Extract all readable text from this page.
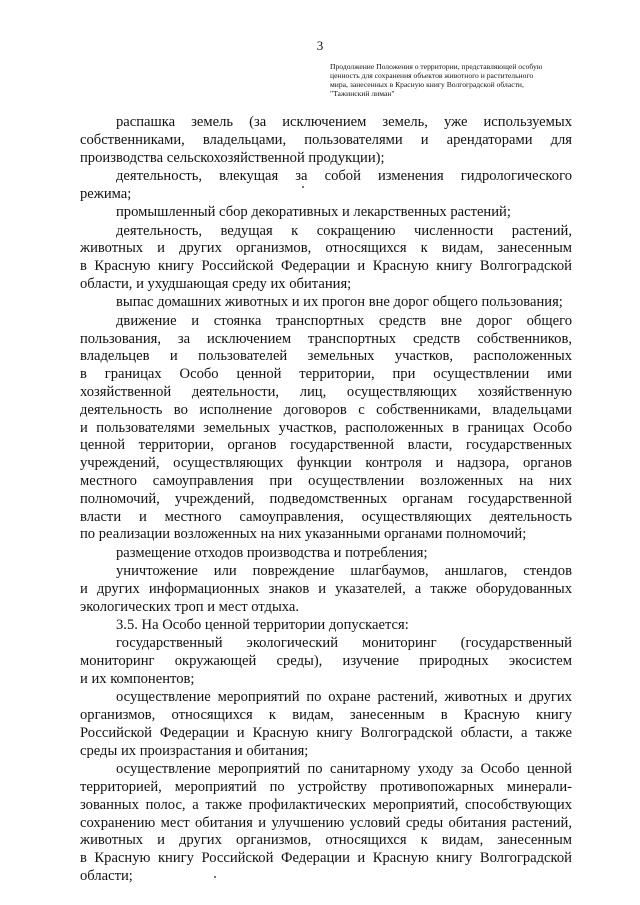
3
Продолжение Положения о территории, представляющей особую
ценность для сохранения объектов животного и растительного
мира, занесенных в Красную книгу Волгоградской области,
"Тажинский лиман"
распашка земель (за исключением земель, уже используемых
собственниками, владельцами, пользователями и арендаторами для
производства сельскохозяйственной продукции);
деятельность, влекущая за собой изменения гидрологического
режима;
промышленный сбор декоративных и лекарственных растений;
деятельность, ведущая к сокращению численности растений,
животных и других организмов, относящихся к видам, занесенным
в Красную книгу Российской Федерации и Красную книгу Волгоградской
области, и ухудшающая среду их обитания;
выпас домашних животных и их прогон вне дорог общего пользования;
движение и стоянка транспортных средств вне дорог общего
пользования, за исключением транспортных средств собственников,
владельцев и пользователей земельных участков, расположенных
в границах Особо ценной территории, при осуществлении ими
хозяйственной деятельности, лиц, осуществляющих хозяйственную
деятельность во исполнение договоров с собственниками, владельцами
и пользователями земельных участков, расположенных в границах Особо
ценной территории, органов государственной власти, государственных
учреждений, осуществляющих функции контроля и надзора, органов
местного самоуправления при осуществлении возложенных на них
полномочий, учреждений, подведомственных органам государственной
власти и местного самоуправления, осуществляющих деятельность
по реализации возложенных на них указанными органами полномочий;
размещение отходов производства и потребления;
уничтожение или повреждение шлагбаумов, аншлагов, стендов
и других информационных знаков и указателей, а также оборудованных
экологических троп и мест отдыха.
3.5. На Особо ценной территории допускается:
государственный экологический мониторинг (государственный
мониторинг окружающей среды), изучение природных экосистем
и их компонентов;
осуществление мероприятий по охране растений, животных и других
организмов, относящихся к видам, занесенным в Красную книгу
Российской Федерации и Красную книгу Волгоградской области, а также
среды их произрастания и обитания;
осуществление мероприятий по санитарному уходу за Особо ценной
территорией, мероприятий по устройству противопожарных минерали-
зованных полос, а также профилактических мероприятий, способствующих
сохранению мест обитания и улучшению условий среды обитания растений,
животных и других организмов, относящихся к видам, занесенным
в Красную книгу Российской Федерации и Красную книгу Волгоградской
области;
